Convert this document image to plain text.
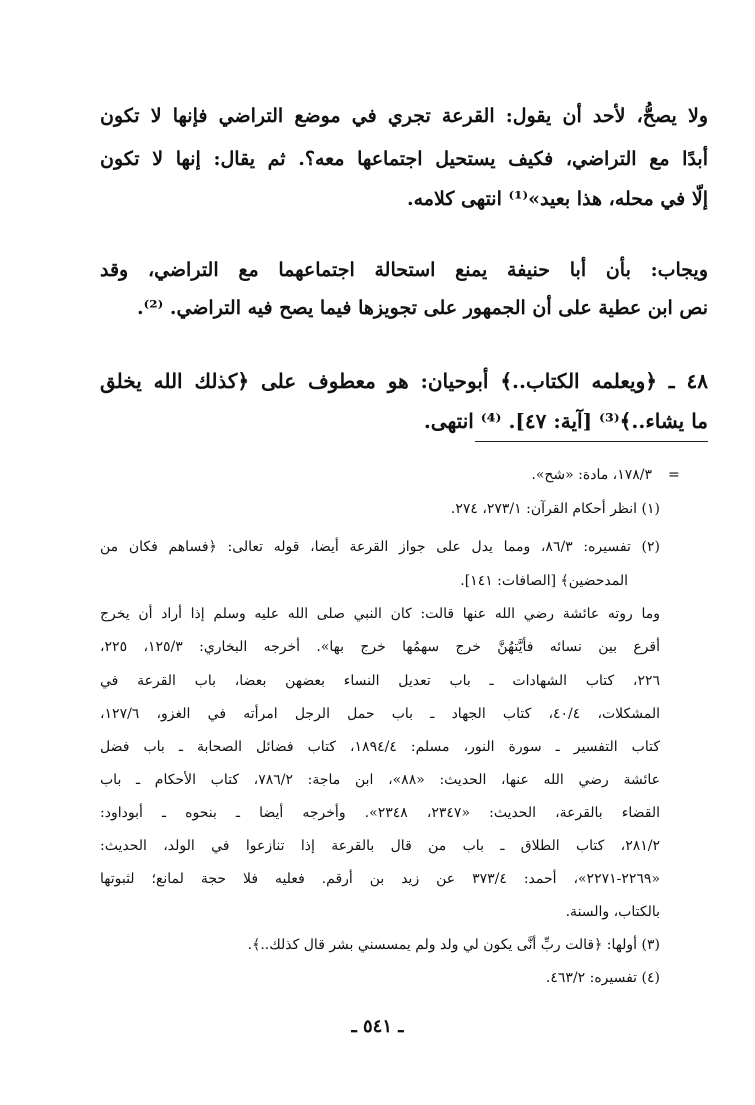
ولا يصحُّ، لأحد أن يقول: القرعة تجري في موضع التراضي فإنها لا تكون
أبدًا مع التراضي، فكيف يستحيل اجتماعها معه؟. ثم يقال: إنها لا تكون
إلّا في محله، هذا بعيد»⁽¹⁾ انتهى كلامه.
ويجاب: بأن أبا حنيفة يمنع استحالة اجتماعهما مع التراضي، وقد
نص ابن عطية على أن الجمهور على تجويزها فيما يصح فيه التراضي. ⁽²⁾.
٤٨ ـ ﴿ويعلمه الكتاب..﴾ أبوحيان: هو معطوف على ﴿كذلك الله يخلق
ما يشاء..﴾⁽³⁾ [آية: ٤٧]. ⁽⁴⁾ انتهى.
=
١٧٨/٣، مادة: «شح».
(١) انظر أحكام القرآن: ٢٧٣/١، ٢٧٤.
(٢) تفسيره: ٨٦/٣، ومما يدل على جواز القرعة أيضا، قوله تعالى: ﴿فساهم فكان من
المدحضين﴾ [الصافات: ١٤١].
وما روته عائشة رضي الله عنها قالت: كان النبي صلى الله عليه وسلم إذا أراد أن يخرج
أقرع بين نسائه فأيَّتهُنَّ خرج سهمُها خرج بها». أخرجه البخاري: ١٢٥/٣، ٢٢٥،
٢٢٦، كتاب الشهادات ـ باب تعديل النساء بعضهن بعضا، باب القرعة في
المشكلات، ٤٠/٤، كتاب الجهاد ـ باب حمل الرجل امرأته في الغزو، ١٢٧/٦،
كتاب التفسير ـ سورة النور، مسلم: ١٨٩٤/٤، كتاب فضائل الصحابة ـ باب فضل
عائشة رضي الله عنها، الحديث: «٨٨»، ابن ماجة: ٧٨٦/٢، كتاب الأحكام ـ باب
القضاء بالقرعة، الحديث: «٢٣٤٧، ٢٣٤٨». وأخرجه أيضا ـ بنحوه ـ أبوداود:
٢٨١/٢، كتاب الطلاق ـ باب من قال بالقرعة إذا تنازعوا في الولد، الحديث:
«٢٢٦٩-٢٢٧١»، أحمد: ٣٧٣/٤ عن زيد بن أرقم. فعليه فلا حجة لمانع؛ لثبوتها
بالكتاب، والسنة.
(٣) أولها: ﴿قالت ربِّ أنَّى يكون لي ولد ولم يمسسني بشر قال كذلك..﴾.
(٤) تفسيره: ٤٦٣/٢.
ـ ٥٤١ ـ
